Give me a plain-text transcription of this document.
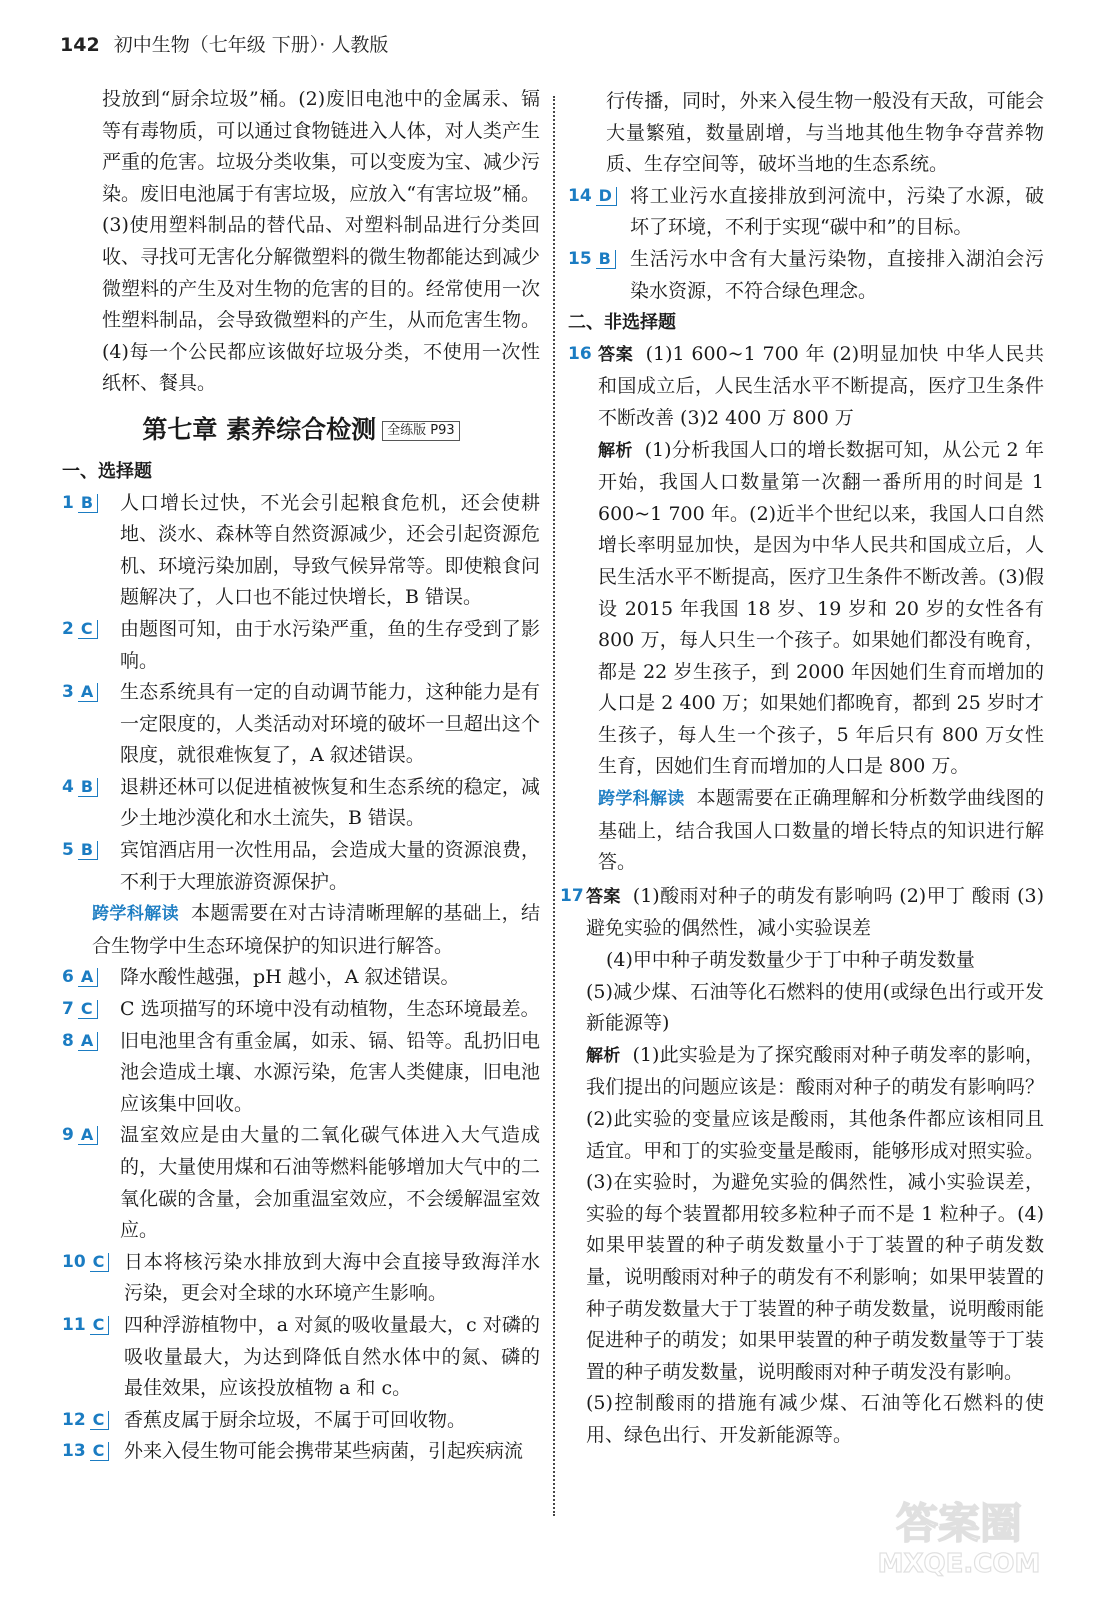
142 初中生物（七年级 下册）· 人教版

投放到“厨余垃圾”桶。(2)废旧电池中的金属汞、镉等有毒物质，可以通过食物链进入人体，对人类产生严重的危害。垃圾分类收集，可以变废为宝、减少污染。废旧电池属于有害垃圾，应放入“有害垃圾”桶。(3)使用塑料制品的替代品、对塑料制品进行分类回收、寻找可无害化分解微塑料的微生物都能达到减少微塑料的产生及对生物的危害的目的。经常使用一次性塑料制品，会导致微塑料的产生，从而危害生物。(4)每一个公民都应该做好垃圾分类，不使用一次性纸杯、餐具。

第七章 素养综合检测 全练版 P93
一、选择题
1 B 人口增长过快，不光会引起粮食危机，还会使耕地、淡水、森林等自然资源减少，还会引起资源危机、环境污染加剧，导致气候异常等。即使粮食问题解决了，人口也不能过快增长，B 错误。
2 C 由题图可知，由于水污染严重，鱼的生存受到了影响。
3 A 生态系统具有一定的自动调节能力，这种能力是有一定限度的，人类活动对环境的破坏一旦超出这个限度，就很难恢复了，A 叙述错误。
4 B 退耕还林可以促进植被恢复和生态系统的稳定，减少土地沙漠化和水土流失，B 错误。
5 B 宾馆酒店用一次性用品，会造成大量的资源浪费，不利于大理旅游资源保护。

跨学科解读 本题需要在对古诗清晰理解的基础上，结合生物学中生态环境保护的知识进行解答。

6 A 降水酸性越强，pH 越小，A 叙述错误。
7 C C 选项描写的环境中没有动植物，生态环境最差。
8 A 旧电池里含有重金属，如汞、镉、铅等。乱扔旧电池会造成土壤、水源污染，危害人类健康，旧电池应该集中回收。
9 A 温室效应是由大量的二氧化碳气体进入大气造成的，大量使用煤和石油等燃料能够增加大气中的二氧化碳的含量，会加重温室效应，不会缓解温室效应。
10 C 日本将核污染水排放到大海中会直接导致海洋水污染，更会对全球的水环境产生影响。
11 C 四种浮游植物中，a 对氮的吸收量最大，c 对磷的吸收量最大，为达到降低自然水体中的氮、磷的最佳效果，应该投放植物 a 和 c。
12 C 香蕉皮属于厨余垃圾，不属于可回收物。
13 C 外来入侵生物可能会携带某些病菌，引起疾病流

行传播，同时，外来入侵生物一般没有天敌，可能会大量繁殖，数量剧增，与当地其他生物争夺营养物质、生存空间等，破坏当地的生态系统。

14 D 将工业污水直接排放到河流中，污染了水源，破坏了环境，不利于实现“碳中和”的目标。
15 B 生活污水中含有大量污染物，直接排入湖泊会污染水资源，不符合绿色理念。
二、非选择题
16 答案 (1)1 600~1 700 年 (2)明显加快 中华人民共和国成立后，人民生活水平不断提高，医疗卫生条件不断改善 (3)2 400 万 800 万

解析 (1)分析我国人口的增长数据可知，从公元 2 年开始，我国人口数量第一次翻一番所用的时间是 1 600~1 700 年。(2)近半个世纪以来，我国人口自然增长率明显加快，是因为中华人民共和国成立后，人民生活水平不断提高，医疗卫生条件不断改善。(3)假设 2015 年我国 18 岁、19 岁和 20 岁的女性各有 800 万，每人只生一个孩子。如果她们都没有晚育，都是 22 岁生孩子，到 2000 年因她们生育而增加的人口是 2 400 万；如果她们都晚育，都到 25 岁时才生孩子，每人生一个孩子，5 年后只有 800 万女性生育，因她们生育而增加的人口是 800 万。

跨学科解读 本题需要在正确理解和分析数学曲线图的基础上，结合我国人口数量的增长特点的知识进行解答。

17 答案 (1)酸雨对种子的萌发有影响吗 (2)甲丁 酸雨 (3)避免实验的偶然性，减小实验误差

(4)甲中种子萌发数量少于丁中种子萌发数量

(5)减少煤、石油等化石燃料的使用(或绿色出行或开发新能源等)

解析 (1)此实验是为了探究酸雨对种子萌发率的影响，我们提出的问题应该是：酸雨对种子的萌发有影响吗？(2)此实验的变量应该是酸雨，其他条件都应该相同且适宜。甲和丁的实验变量是酸雨，能够形成对照实验。(3)在实验时，为避免实验的偶然性，减小实验误差，实验的每个装置都用较多粒种子而不是 1 粒种子。(4)如果甲装置的种子萌发数量小于丁装置的种子萌发数量，说明酸雨对种子的萌发有不利影响；如果甲装置的种子萌发数量大于丁装置的种子萌发数量，说明酸雨能促进种子的萌发；如果甲装置的种子萌发数量等于丁装置的种子萌发数量，说明酸雨对种子萌发没有影响。

(5)控制酸雨的措施有减少煤、石油等化石燃料的使用、绿色出行、开发新能源等。

答案圈
MXQE.COM
